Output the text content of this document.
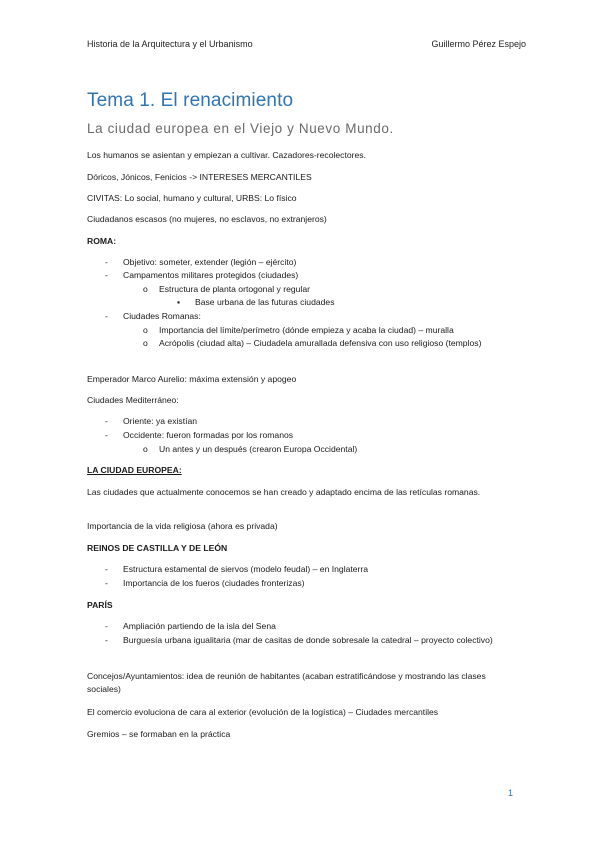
Historia de la Arquitectura y el Urbanismo	Guillermo Pérez Espejo
Tema 1. El renacimiento
La ciudad europea en el Viejo y Nuevo Mundo.
Los humanos se asientan y empiezan a cultivar. Cazadores-recolectores.
Dóricos, Jónicos, Fenicios -> INTERESES MERCANTILES
CIVITAS: Lo social, humano y cultural, URBS: Lo físico
Ciudadanos escasos (no mujeres, no esclavos, no extranjeros)
ROMA:
- Objetivo: someter, extender (legión – ejército)
- Campamentos militares protegidos (ciudades)
o Estructura de planta ortogonal y regular
▪ Base urbana de las futuras ciudades
- Ciudades Romanas:
o Importancia del límite/perímetro (dónde empieza y acaba la ciudad) – muralla
o Acrópolis (ciudad alta) – Ciudadela amurallada defensiva con uso religioso (templos)
Emperador Marco Aurelio: máxima extensión y apogeo
Ciudades Mediterráneo:
- Oriente: ya existían
- Occidente: fueron formadas por los romanos
o Un antes y un después (crearon Europa Occidental)
LA CIUDAD EUROPEA:
Las ciudades que actualmente conocemos se han creado y adaptado encima de las retículas romanas.
Importancia de la vida religiosa (ahora es privada)
REINOS DE CASTILLA Y DE LEÓN
- Estructura estamental de siervos (modelo feudal) – en Inglaterra
- Importancia de los fueros (ciudades fronterizas)
PARÍS
- Ampliación partiendo de la isla del Sena
- Burguesía urbana igualitaria (mar de casitas de donde sobresale la catedral – proyecto colectivo)
Concejos/Ayuntamientos: idea de reunión de habitantes (acaban estratificándose y mostrando las clases sociales)
El comercio evoluciona de cara al exterior (evolución de la logística) – Ciudades mercantiles
Gremios – se formaban en la práctica
1
